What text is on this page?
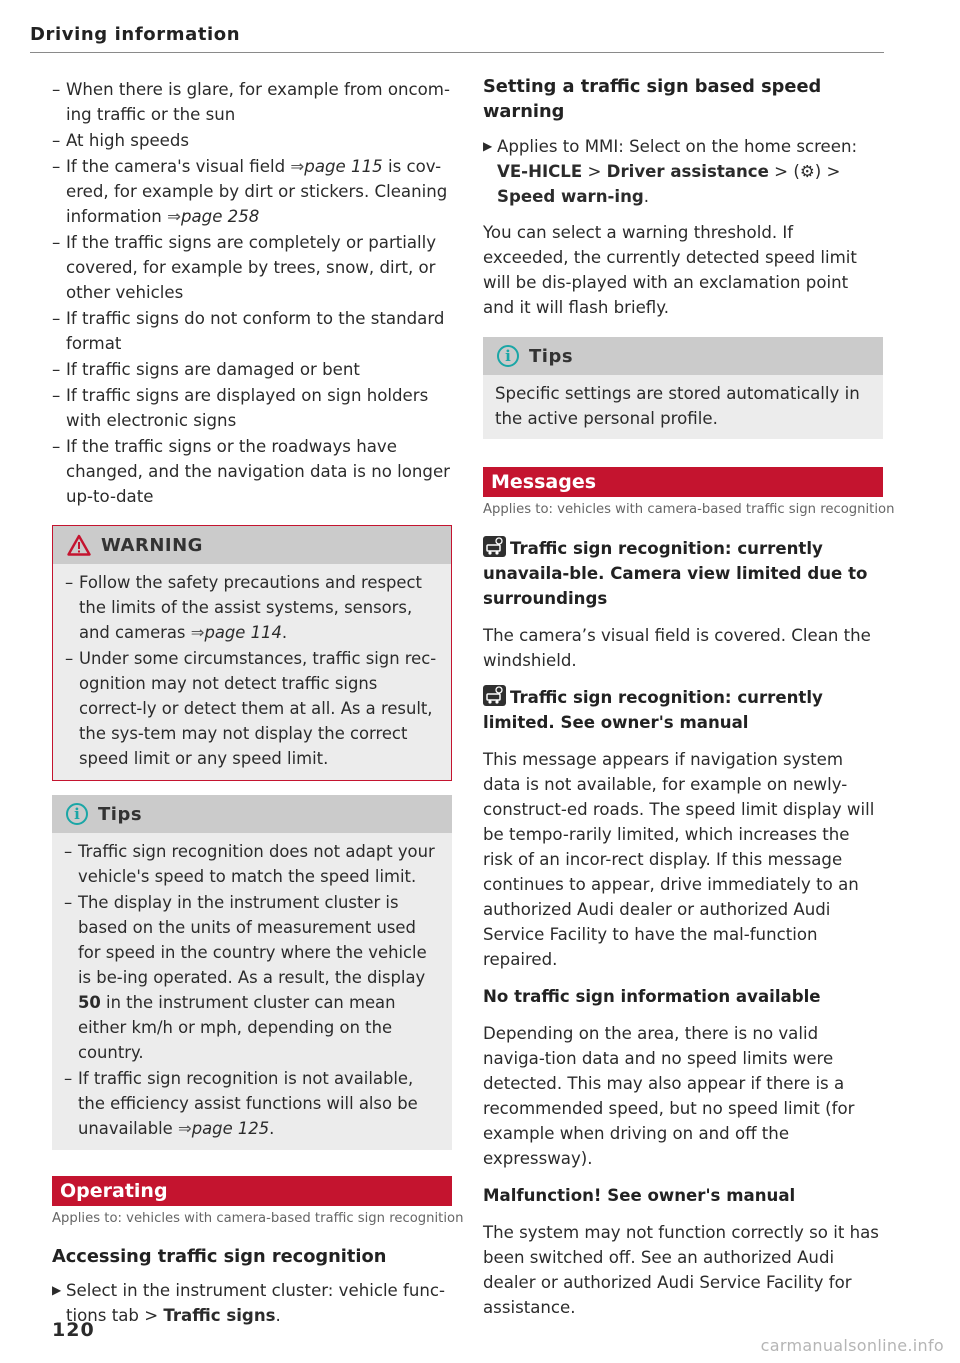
Driving information
– When there is glare, for example from oncom-ing traffic or the sun
– At high speeds
– If the camera's visual field ⇒page 115 is cov-ered, for example by dirt or stickers. Cleaning information ⇒page 258
– If the traffic signs are completely or partially covered, for example by trees, snow, dirt, or other vehicles
– If traffic signs do not conform to the standard format
– If traffic signs are damaged or bent
– If traffic signs are displayed on sign holders with electronic signs
– If the traffic signs or the roadways have changed, and the navigation data is no longer up-to-date
WARNING
– Follow the safety precautions and respect the limits of the assist systems, sensors, and cameras ⇒page 114.
– Under some circumstances, traffic sign rec-ognition may not detect traffic signs correct-ly or detect them at all. As a result, the sys-tem may not display the correct speed limit or any speed limit.
i	Tips
– Traffic sign recognition does not adapt your vehicle's speed to match the speed limit.
– The display in the instrument cluster is based on the units of measurement used for speed in the country where the vehicle is be-ing operated. As a result, the display 50 in the instrument cluster can mean either km/h or mph, depending on the country.
– If traffic sign recognition is not available, the efficiency assist functions will also be unavailable ⇒page 125.
Operating
Applies to: vehicles with camera-based traffic sign recognition
Accessing traffic sign recognition

▶ Select in the instrument cluster: vehicle func-tions tab > Traffic signs.

Setting a traffic sign based speed warning

▶ Applies to MMI: Select on the home screen: VE-HICLE > Driver assistance > (⚙) > Speed warn-ing.

You can select a warning threshold. If exceeded, the currently detected speed limit will be dis-played with an exclamation point and it will flash briefly.

i	Tips

Specific settings are stored automatically in the active personal profile.

Messages
Applies to: vehicles with camera-based traffic sign recognition
Traffic sign recognition: currently unavaila-ble. Camera view limited due to surroundings

The camera’s visual field is covered. Clean the windshield.

Traffic sign recognition: currently limited. See owner's manual

This message appears if navigation system data is not available, for example on newly-construct-ed roads. The speed limit display will be tempo-rarily limited, which increases the risk of an incor-rect display. If this message continues to appear, drive immediately to an authorized Audi dealer or authorized Audi Service Facility to have the mal-function repaired.

No traffic sign information available

Depending on the area, there is no valid naviga-tion data and no speed limits were detected. This may also appear if there is a recommended speed, but no speed limit (for example when driving on and off the expressway).

Malfunction! See owner's manual

The system may not function correctly so it has been switched off. See an authorized Audi dealer or authorized Audi Service Facility for assistance.

120
carmanualsonline.info
